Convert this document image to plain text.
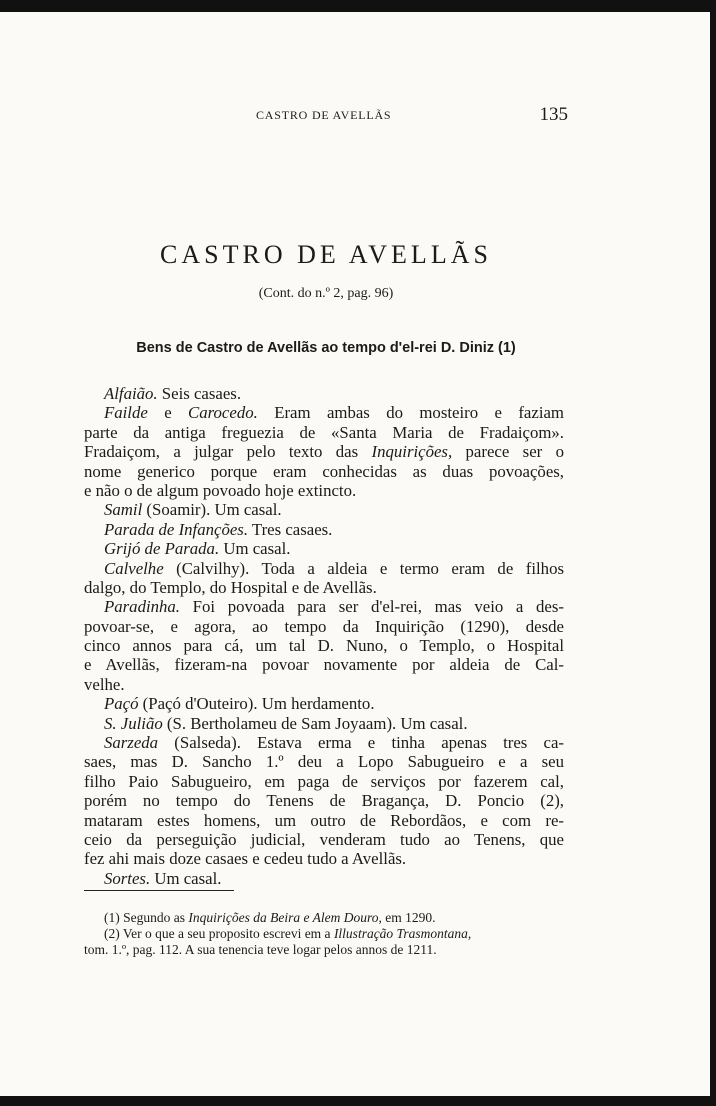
CASTRO DE AVELLÃS	135
CASTRO DE AVELLÃS
(Cont. do n.º 2, pag. 96)
Bens de Castro de Avellãs ao tempo d'el-rei D. Diniz (1)
Alfaião. Seis casaes.
Failde e Carocedo. Eram ambas do mosteiro e faziam
parte da antiga freguezia de «Santa Maria de Fradaiçom».
Fradaiçom, a julgar pelo texto das Inquirições, parece ser o
nome generico porque eram conhecidas as duas povoações,
e não o de algum povoado hoje extincto.
Samil (Soamir). Um casal.
Parada de Infanções. Tres casaes.
Grijó de Parada. Um casal.
Calvelhe (Calvilhy). Toda a aldeia e termo eram de filhos
dalgo, do Templo, do Hospital e de Avellãs.
Paradinha. Foi povoada para ser d'el-rei, mas veio a des-
povoar-se, e agora, ao tempo da Inquirição (1290), desde
cinco annos para cá, um tal D. Nuno, o Templo, o Hospital
e Avellãs, fizeram-na povoar novamente por aldeia de Cal-
velhe.
Paçó (Paçó d'Outeiro). Um herdamento.
S. Julião (S. Bertholameu de Sam Joyaam). Um casal.
Sarzeda (Salseda). Estava erma e tinha apenas tres ca-
saes, mas D. Sancho 1.º deu a Lopo Sabugueiro e a seu
filho Paio Sabugueiro, em paga de serviços por fazerem cal,
porém no tempo do Tenens de Bragança, D. Poncio (2),
mataram estes homens, um outro de Rebordãos, e com re-
ceio da perseguição judicial, venderam tudo ao Tenens, que
fez ahi mais doze casaes e cedeu tudo a Avellãs.
Sortes. Um casal.
(1) Segundo as Inquirições da Beira e Alem Douro, em 1290.
(2) Ver o que a seu proposito escrevi em a Illustração Trasmontana,
tom. 1.º, pag. 112. A sua tenencia teve logar pelos annos de 1211.
